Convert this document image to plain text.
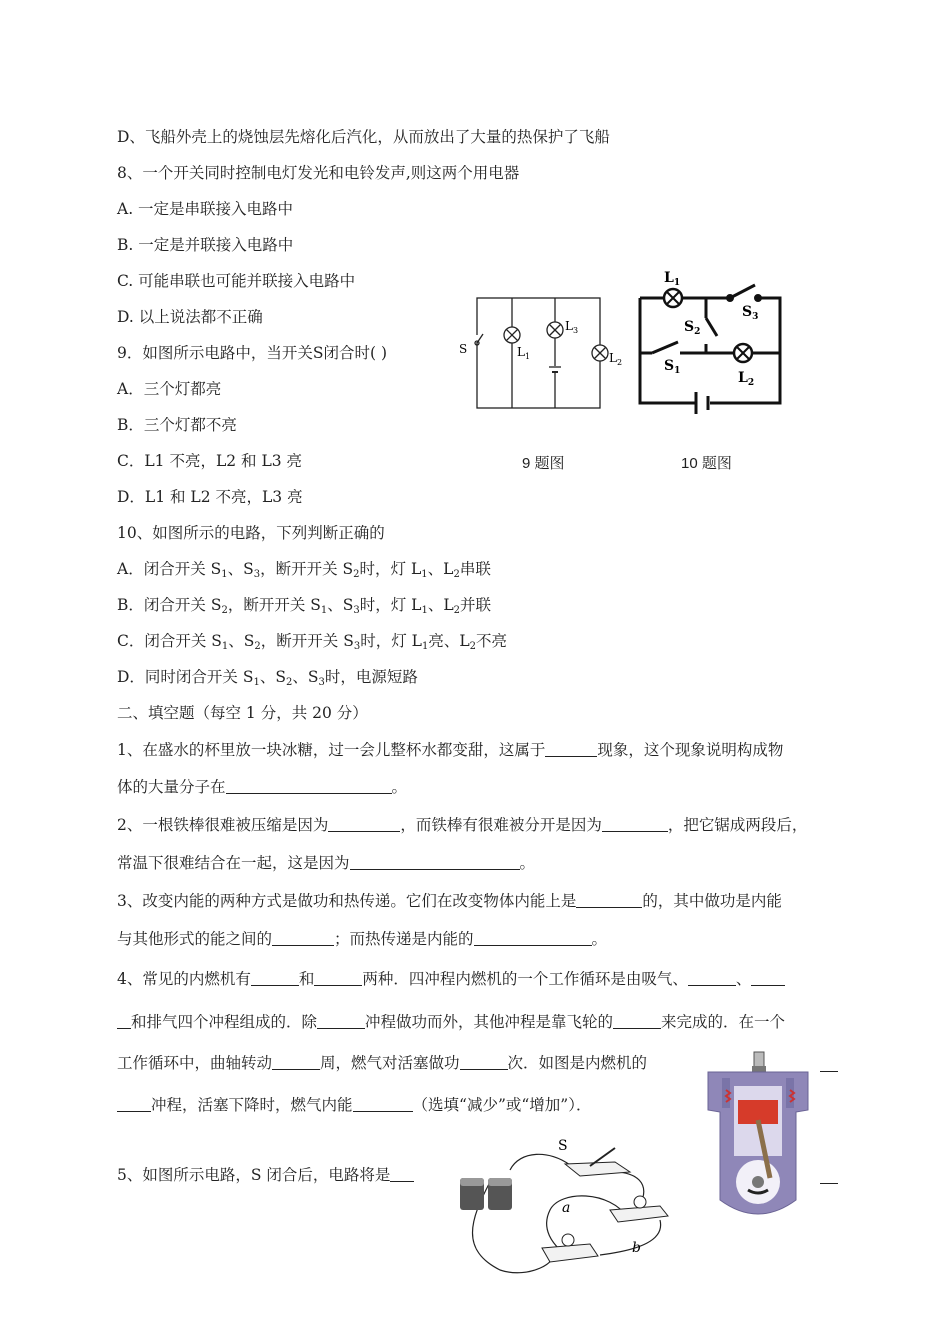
D、飞船外壳上的烧蚀层先熔化后汽化，从而放出了大量的热保护了飞船
8、一个开关同时控制电灯发光和电铃发声,则这两个用电器
A. 一定是串联接入电路中
B. 一定是并联接入电路中
C. 可能串联也可能并联接入电路中
D. 以上说法都不正确
9．如图所示电路中，当开关S闭合时( )
A．三个灯都亮
B．三个灯都不亮
C．L1 不亮，L2 和 L3 亮
D．L1 和 L2 不亮，L3 亮
S	$L_1$
$L_3$
$L_2$
$L_1$
$S_3$
$S_2$
$S_1$	$L_2$
9 题图	10 题图
10、如图所示的电路，下列判断正确的
A．闭合开关 $S_1$、$S_3$，断开开关 $S_2$时，灯 $L_1$、$L_2$串联
B．闭合开关 $S_2$，断开开关 $S_1$、$S_3$时，灯 $L_1$、$L_2$并联
C．闭合开关 $S_1$、$S_2$，断开开关 $S_3$时，灯 $L_1$亮、$L_2$不亮
D．同时闭合开关 $S_1$、$S_2$、$S_3$时，电源短路
二、填空题（每空 1 分，共 20 分）
1、在盛水的杯里放一块冰糖，过一会儿整杯水都变甜，这属于	现象，这个现象说明构成物
体的大量分子在	。
2、一根铁棒很难被压缩是因为	，而铁棒有很难被分开是因为	，把它锯成两段后，
常温下很难结合在一起，这是因为	。
3、改变内能的两种方式是做功和热传递。它们在改变物体内能上是	的，其中做功是内能
与其他形式的能之间的	；而热传递是内能的	。
4、常见的内燃机有	和	两种．四冲程内燃机的一个工作循环是由吸气、	、
和排气四个冲程组成的．除	冲程做功而外，其他冲程是靠飞轮的	来完成的．在一个
工作循环中，曲轴转动	周，燃气对活塞做功	次．如图是内燃机的
冲程，活塞下降时，燃气内能	（选填“减少”或“增加”）．
5、如图所示电路，S 闭合后，电路将是
S
a
b
